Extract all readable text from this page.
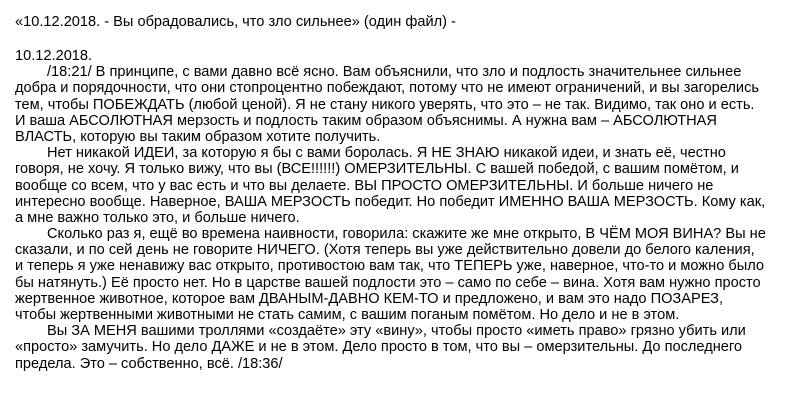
«10.12.2018. - Вы обрадовались, что зло сильнее» (один файл) -
10.12.2018.
/18:21/ В принципе, с вами давно всё ясно. Вам объяснили, что зло и подлость значительнее сильнее
добра и порядочности, что они стопроцентно побеждают, потому что не имеют ограничений, и вы загорелись
тем, чтобы ПОБЕЖДАТЬ (любой ценой). Я не стану никого уверять, что это – не так. Видимо, так оно и есть.
И ваша АБСОЛЮТНАЯ мерзость и подлость таким образом объяснимы. А нужна вам – АБСОЛЮТНАЯ
ВЛАСТЬ, которую вы таким образом хотите получить.
Нет никакой ИДЕИ, за которую я бы с вами боролась. Я НЕ ЗНАЮ никакой идеи, и знать её, честно
говоря, не хочу. Я только вижу, что вы (ВСЕ!!!!!!) ОМЕРЗИТЕЛЬНЫ. С вашей победой, с вашим помётом, и
вообще со всем, что у вас есть и что вы делаете. ВЫ ПРОСТО ОМЕРЗИТЕЛЬНЫ. И больше ничего не
интересно вообще. Наверное, ВАША МЕРЗОСТЬ победит. Но победит ИМЕННО ВАША МЕРЗОСТЬ. Кому как,
а мне важно только это, и больше ничего.
Сколько раз я, ещё во времена наивности, говорила: скажите же мне открыто, В ЧЁМ МОЯ ВИНА? Вы не
сказали, и по сей день не говорите НИЧЕГО. (Хотя теперь вы уже действительно довели до белого каления,
и теперь я уже ненавижу вас открыто, противостою вам так, что ТЕПЕРЬ уже, наверное, что-то и можно было
бы натянуть.) Её просто нет. Но в царстве вашей подлости это – само по себе – вина. Хотя вам нужно просто
жертвенное животное, которое вам ДВАНЫМ-ДАВНО КЕМ-ТО и предложено, и вам это надо ПОЗАРЕЗ,
чтобы жертвенными животными не стать самим, с вашим поганым помётом. Но дело и не в этом.
Вы ЗА МЕНЯ вашими троллями «создаёте» эту «вину», чтобы просто «иметь право» грязно убить или
«просто» замучить. Но дело ДАЖЕ и не в этом. Дело просто в том, что вы – омерзительны. До последнего
предела. Это – собственно, всё. /18:36/
